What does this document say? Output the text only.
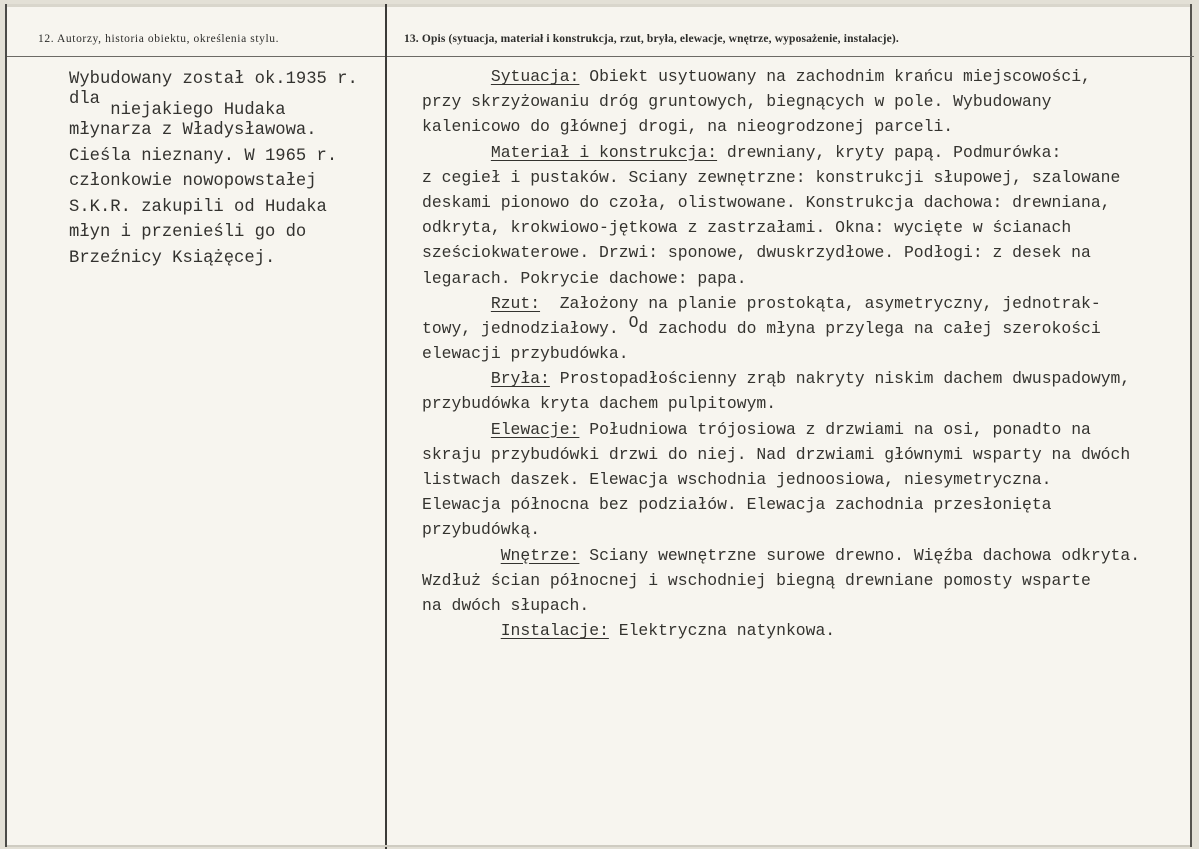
12. Autorzy, historia obiektu, określenia stylu.	13. Opis (sytuacja, materiał i konstrukcja, rzut, bryła, elewacje, wnętrze, wyposażenie, instalacje).
Wybudowany został ok.1935 r.
dla niejakiego Hudaka
młynarza z Władysławowa.
Cieśla nieznany. W 1965 r.
członkowie nowopowstałej
S.K.R. zakupili od Hudaka
młyn i przenieśli go do
Brzeźnicy Książęcej.
Sytuacja: Obiekt usytuowany na zachodnim krańcu miejscowości,
przy skrzyżowaniu dróg gruntowych, biegnących w pole. Wybudowany
kalenicowo do głównej drogi, na nieogrodzonej parceli.
Materiał i konstrukcja: drewniany, kryty papą. Podmurówka:
z cegieł i pustaków. Sciany zewnętrzne: konstrukcji słupowej, szalowane
deskami pionowo do czoła, olistwowane. Konstrukcja dachowa: drewniana,
odkryta, krokwiowo-jętkowa z zastrzałami. Okna: wycięte w ścianach
sześciokwaterowe. Drzwi: sponowe, dwuskrzydłowe. Podłogi: z desek na
legarach. Pokrycie dachowe: papa.
Rzut:  Założony na planie prostokąta, asymetryczny, jednotrak-
towy, jednodziałowy. Od zachodu do młyna przylega na całej szerokości
elewacji przybudówka.
Bryła: Prostopadłościenny zrąb nakryty niskim dachem dwuspadowym,
przybudówka kryta dachem pulpitowym.
Elewacje: Południowa trójosiowa z drzwiami na osi, ponadto na
skraju przybudówki drzwi do niej. Nad drzwiami głównymi wsparty na dwóch
listwach daszek. Elewacja wschodnia jednoosiowa, niesymetryczna.
Elewacja północna bez podziałów. Elewacja zachodnia przesłonięta
przybudówką.
Wnętrze: Sciany wewnętrzne surowe drewno. Więźba dachowa odkryta.
Wzdłuż ścian północnej i wschodniej biegną drewniane pomosty wsparte
na dwóch słupach.
Instalacje: Elektryczna natynkowa.
